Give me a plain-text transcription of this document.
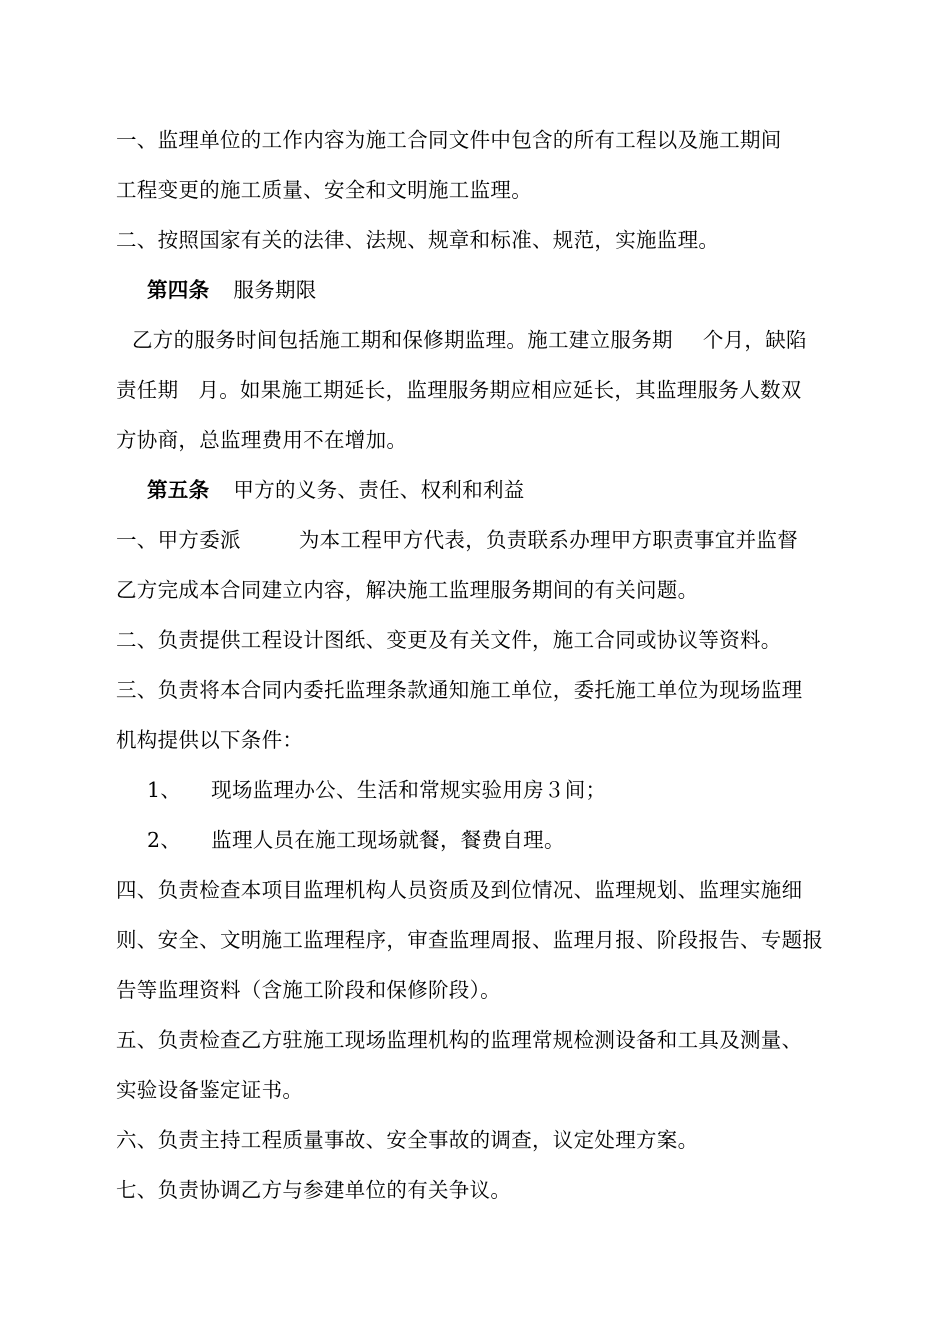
一、监理单位的工作内容为施工合同文件中包含的所有工程以及施工期间
工程变更的施工质量、安全和文明施工监理。
二、按照国家有关的法律、法规、规章和标准、规范，实施监理。
第四条 服务期限
乙方的服务时间包括施工期和保修期监理。施工建立服务期 个月，缺陷
责任期 月。如果施工期延长，监理服务期应相应延长，其监理服务人数双
方协商，总监理费用不在增加。
第五条 甲方的义务、责任、权利和利益
一、甲方委派	为本工程甲方代表，负责联系办理甲方职责事宜并监督
乙方完成本合同建立内容，解决施工监理服务期间的有关问题。
二、负责提供工程设计图纸、变更及有关文件，施工合同或协议等资料。
三、负责将本合同内委托监理条款通知施工单位，委托施工单位为现场监理
机构提供以下条件：
1、 现场监理办公、生活和常规实验用房３间；
2、 监理人员在施工现场就餐，餐费自理。
四、负责检查本项目监理机构人员资质及到位情况、监理规划、监理实施细
则、安全、文明施工监理程序，审查监理周报、监理月报、阶段报告、专题报
告等监理资料（含施工阶段和保修阶段）。
五、负责检查乙方驻施工现场监理机构的监理常规检测设备和工具及测量、
实验设备鉴定证书。
六、负责主持工程质量事故、安全事故的调查，议定处理方案。
七、负责协调乙方与参建单位的有关争议。
